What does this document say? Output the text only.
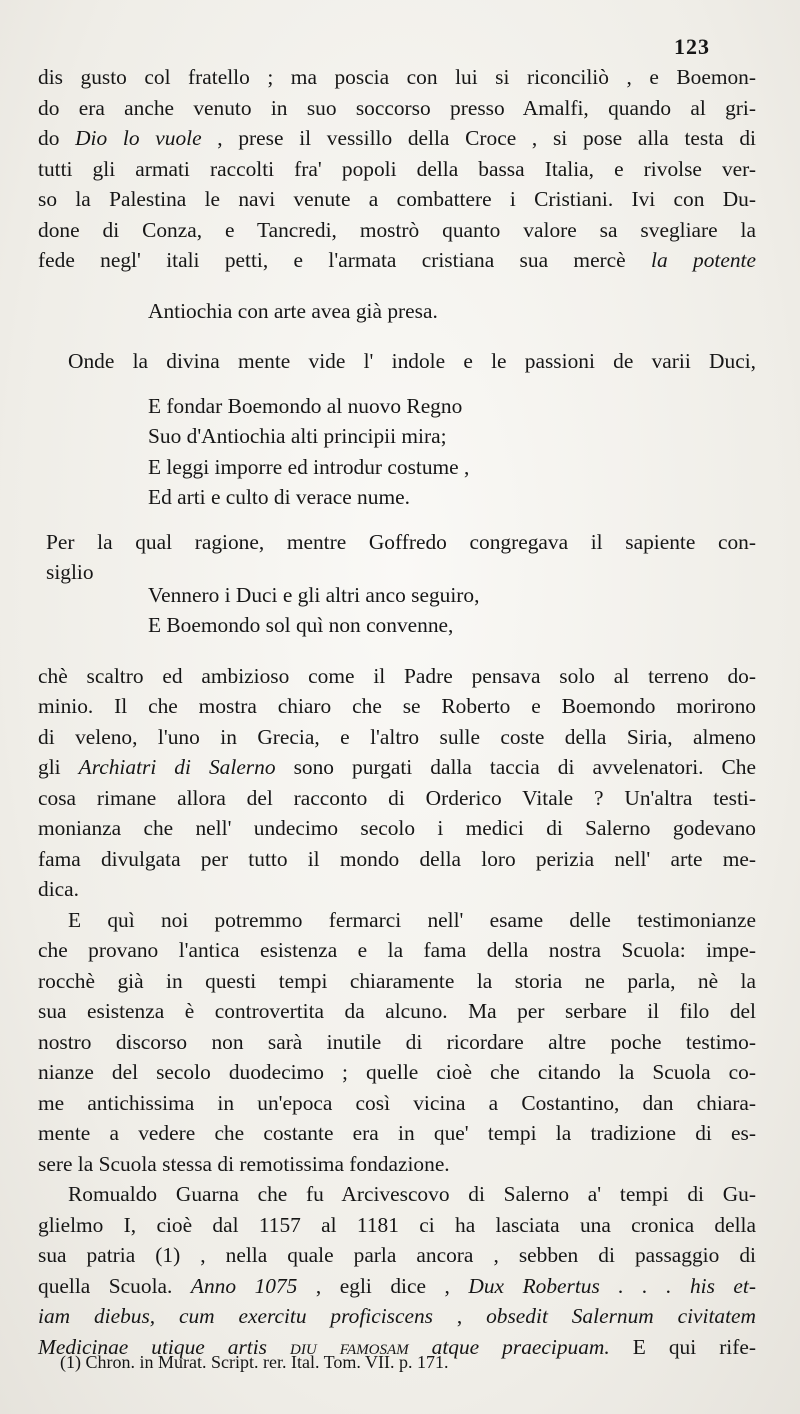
123
dis gusto col fratello ; ma poscia con lui si riconciliò , e Boemon-
do era anche venuto in suo soccorso presso Amalfi, quando al gri-
do Dio lo vuole , prese il vessillo della Croce , si pose alla testa di
tutti gli armati raccolti fra' popoli della bassa Italia, e rivolse ver-
so la Palestina le navi venute a combattere i Cristiani. Ivi con Du-
done di Conza, e Tancredi, mostrò quanto valore sa svegliare la
fede negl' itali petti, e l'armata cristiana sua mercè la potente
Antiochia con arte avea già presa.
Onde la divina mente vide l' indole e le passioni de varii Duci,
E fondar Boemondo al nuovo Regno
Suo d'Antiochia alti principii mira;
E leggi imporre ed introdur costume ,
Ed arti e culto di verace nume.
Per la qual ragione, mentre Goffredo congregava il sapiente con-
siglio
Vennero i Duci e gli altri anco seguiro,
E Boemondo sol quì non convenne,
chè scaltro ed ambizioso come il Padre pensava solo al terreno do-
minio. Il che mostra chiaro che se Roberto e Boemondo morirono
di veleno, l'uno in Grecia, e l'altro sulle coste della Siria, almeno
gli Archiatri di Salerno sono purgati dalla taccia di avvelenatori. Che
cosa rimane allora del racconto di Orderico Vitale ? Un'altra testi-
monianza che nell' undecimo secolo i medici di Salerno godevano
fama divulgata per tutto il mondo della loro perizia nell' arte me-
dica.
E quì noi potremmo fermarci nell' esame delle testimonianze
che provano l'antica esistenza e la fama della nostra Scuola: impe-
rocchè già in questi tempi chiaramente la storia ne parla, nè la
sua esistenza è controvertita da alcuno. Ma per serbare il filo del
nostro discorso non sarà inutile di ricordare altre poche testimo-
nianze del secolo duodecimo ; quelle cioè che citando la Scuola co-
me antichissima in un'epoca così vicina a Costantino, dan chiara-
mente a vedere che costante era in que' tempi la tradizione di es-
sere la Scuola stessa di remotissima fondazione.
Romualdo Guarna che fu Arcivescovo di Salerno a' tempi di Gu-
glielmo I, cioè dal 1157 al 1181 ci ha lasciata una cronica della
sua patria (1) , nella quale parla ancora , sebben di passaggio di
quella Scuola. Anno 1075 , egli dice , Dux Robertus . . . his et-
iam diebus, cum exercitu proficiscens , obsedit Salernum civitatem
Medicinae utique artis diu famosam atque praecipuam. E qui rife-
(1) Chron. in Murat. Script. rer. Ital. Tom. VII. p. 171.
